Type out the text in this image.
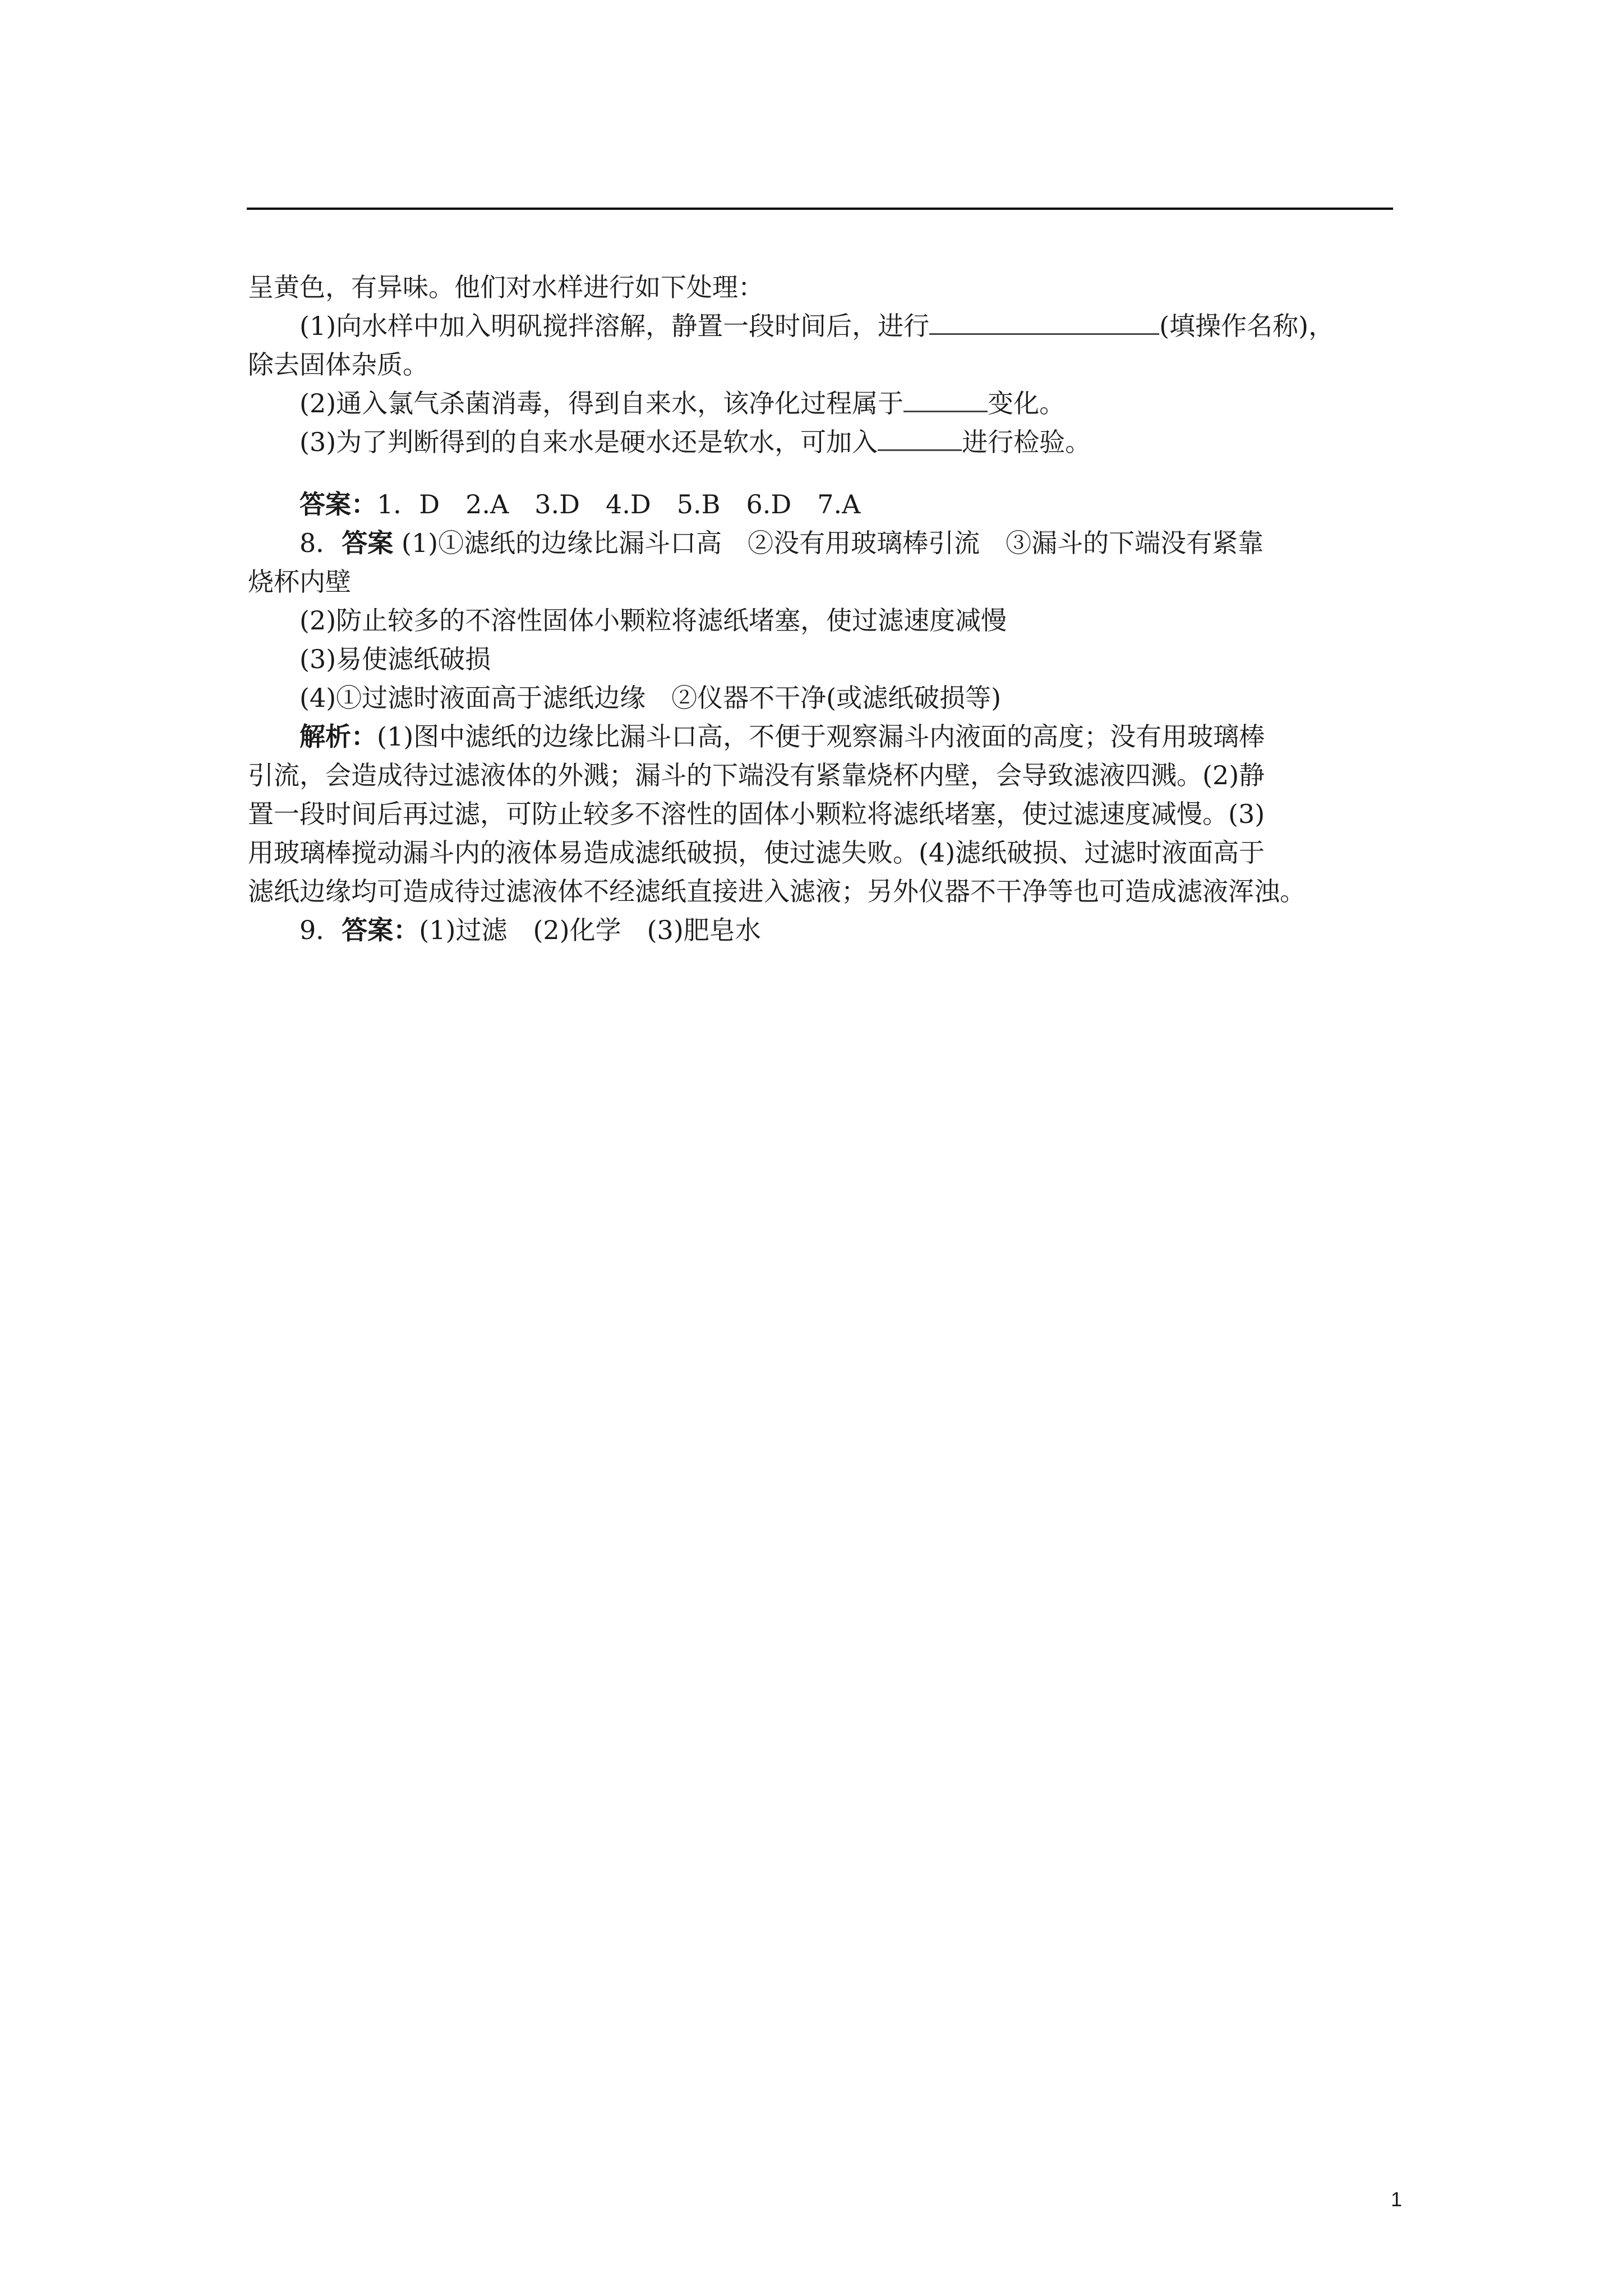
呈黄色，有异味。他们对水样进行如下处理：

(1)向水样中加入明矾搅拌溶解，静置一段时间后，进行	(填操作名称)，

除去固体杂质。

(2)通入氯气杀菌消毒，得到自来水，该净化过程属于	变化。

(3)为了判断得到的自来水是硬水还是软水，可加入	进行检验。

答案：1．D　2.A　3.D　4.D　5.B　6.D　7.A

8．答案 (1)①滤纸的边缘比漏斗口高　②没有用玻璃棒引流　③漏斗的下端没有紧靠

烧杯内壁

(2)防止较多的不溶性固体小颗粒将滤纸堵塞，使过滤速度减慢

(3)易使滤纸破损

(4)①过滤时液面高于滤纸边缘　②仪器不干净(或滤纸破损等)

解析：(1)图中滤纸的边缘比漏斗口高，不便于观察漏斗内液面的高度；没有用玻璃棒

引流，会造成待过滤液体的外溅；漏斗的下端没有紧靠烧杯内壁，会导致滤液四溅。(2)静

置一段时间后再过滤，可防止较多不溶性的固体小颗粒将滤纸堵塞，使过滤速度减慢。(3)

用玻璃棒搅动漏斗内的液体易造成滤纸破损，使过滤失败。(4)滤纸破损、过滤时液面高于

滤纸边缘均可造成待过滤液体不经滤纸直接进入滤液；另外仪器不干净等也可造成滤液浑浊。

9．答案：(1)过滤　(2)化学　(3)肥皂水

1
